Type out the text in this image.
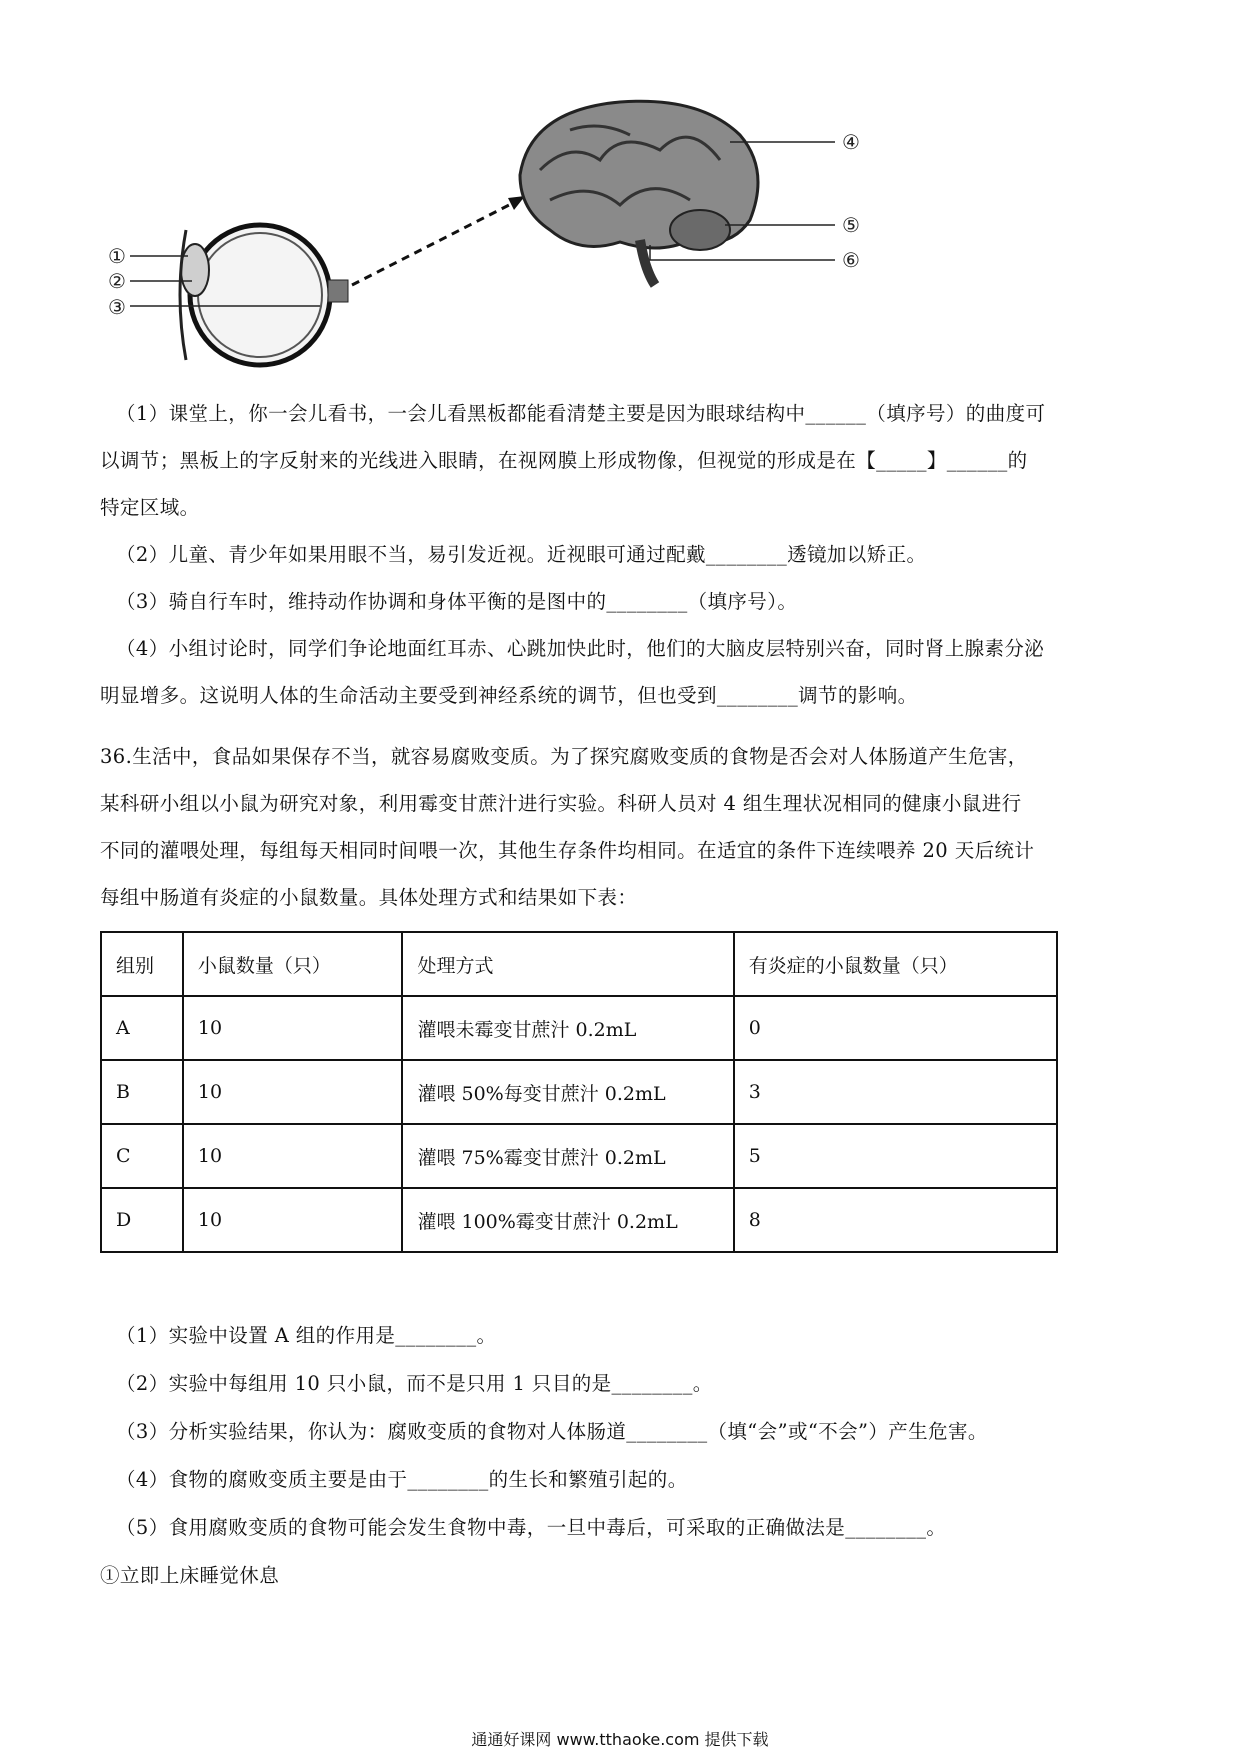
①
②
③
④
⑤
⑥

（1）课堂上，你一会儿看书，一会儿看黑板都能看清楚主要是因为眼球结构中______（填序号）的曲度可

以调节；黑板上的字反射来的光线进入眼睛，在视网膜上形成物像，但视觉的形成是在【_____】______的

特定区域。

（2）儿童、青少年如果用眼不当，易引发近视。近视眼可通过配戴________透镜加以矫正。

（3）骑自行车时，维持动作协调和身体平衡的是图中的________（填序号）。

（4）小组讨论时，同学们争论地面红耳赤、心跳加快此时，他们的大脑皮层特别兴奋，同时肾上腺素分泌

明显增多。这说明人体的生命活动主要受到神经系统的调节，但也受到________调节的影响。

36.生活中，食品如果保存不当，就容易腐败变质。为了探究腐败变质的食物是否会对人体肠道产生危害，

某科研小组以小鼠为研究对象，利用霉变甘蔗汁进行实验。科研人员对 4 组生理状况相同的健康小鼠进行

不同的灌喂处理，每组每天相同时间喂一次，其他生存条件均相同。在适宜的条件下连续喂养 20 天后统计

每组中肠道有炎症的小鼠数量。具体处理方式和结果如下表：

组别	小鼠数量（只）	处理方式	有炎症的小鼠数量（只）
A	10	灌喂未霉变甘蔗汁 0.2mL	0
B	10	灌喂 50%每变甘蔗汁 0.2mL	3
C	10	灌喂 75%霉变甘蔗汁 0.2mL	5
D	10	灌喂 100%霉变甘蔗汁 0.2mL	8

（1）实验中设置 A 组的作用是________。

（2）实验中每组用 10 只小鼠，而不是只用 1 只目的是________。

（3）分析实验结果，你认为：腐败变质的食物对人体肠道________（填“会”或“不会”）产生危害。

（4）食物的腐败变质主要是由于________的生长和繁殖引起的。

（5）食用腐败变质的食物可能会发生食物中毒，一旦中毒后，可采取的正确做法是________。

①立即上床睡觉休息

通通好课网 www.tthaoke.com 提供下载
